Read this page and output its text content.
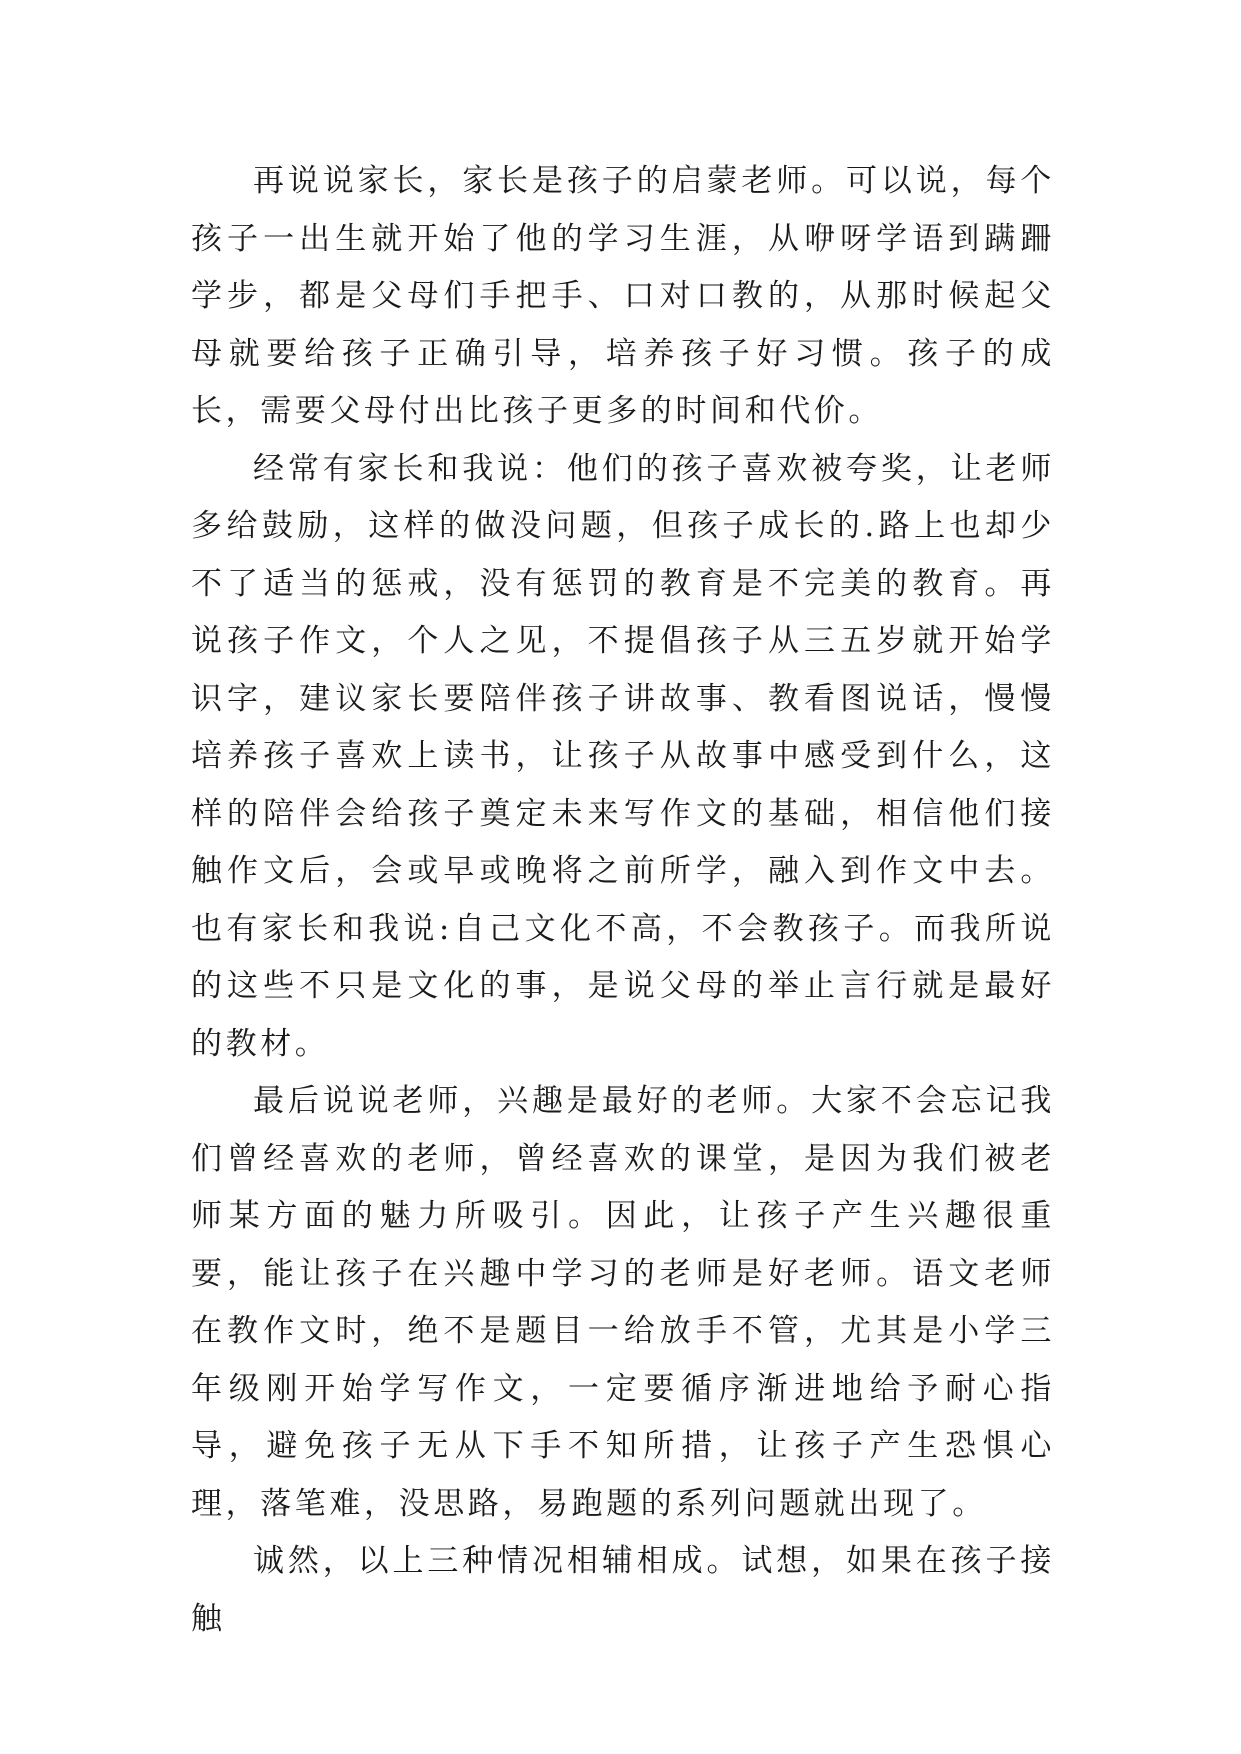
再说说家长，家长是孩子的启蒙老师。可以说，每个孩子一出生就开始了他的学习生涯，从咿呀学语到蹒跚学步，都是父母们手把手、口对口教的，从那时候起父母就要给孩子正确引导，培养孩子好习惯。孩子的成长，需要父母付出比孩子更多的时间和代价。

经常有家长和我说：他们的孩子喜欢被夸奖，让老师多给鼓励，这样的做没问题，但孩子成长的.路上也却少不了适当的惩戒，没有惩罚的教育是不完美的教育。再说孩子作文，个人之见，不提倡孩子从三五岁就开始学识字，建议家长要陪伴孩子讲故事、教看图说话，慢慢培养孩子喜欢上读书，让孩子从故事中感受到什么，这样的陪伴会给孩子奠定未来写作文的基础，相信他们接触作文后，会或早或晚将之前所学，融入到作文中去。也有家长和我说:自己文化不高，不会教孩子。而我所说的这些不只是文化的事，是说父母的举止言行就是最好的教材。

最后说说老师，兴趣是最好的老师。大家不会忘记我们曾经喜欢的老师，曾经喜欢的课堂，是因为我们被老师某方面的魅力所吸引。因此，让孩子产生兴趣很重要，能让孩子在兴趣中学习的老师是好老师。语文老师在教作文时，绝不是题目一给放手不管，尤其是小学三年级刚开始学写作文，一定要循序渐进地给予耐心指导，避免孩子无从下手不知所措，让孩子产生恐惧心理，落笔难，没思路，易跑题的系列问题就出现了。

诚然，以上三种情况相辅相成。试想，如果在孩子接触
